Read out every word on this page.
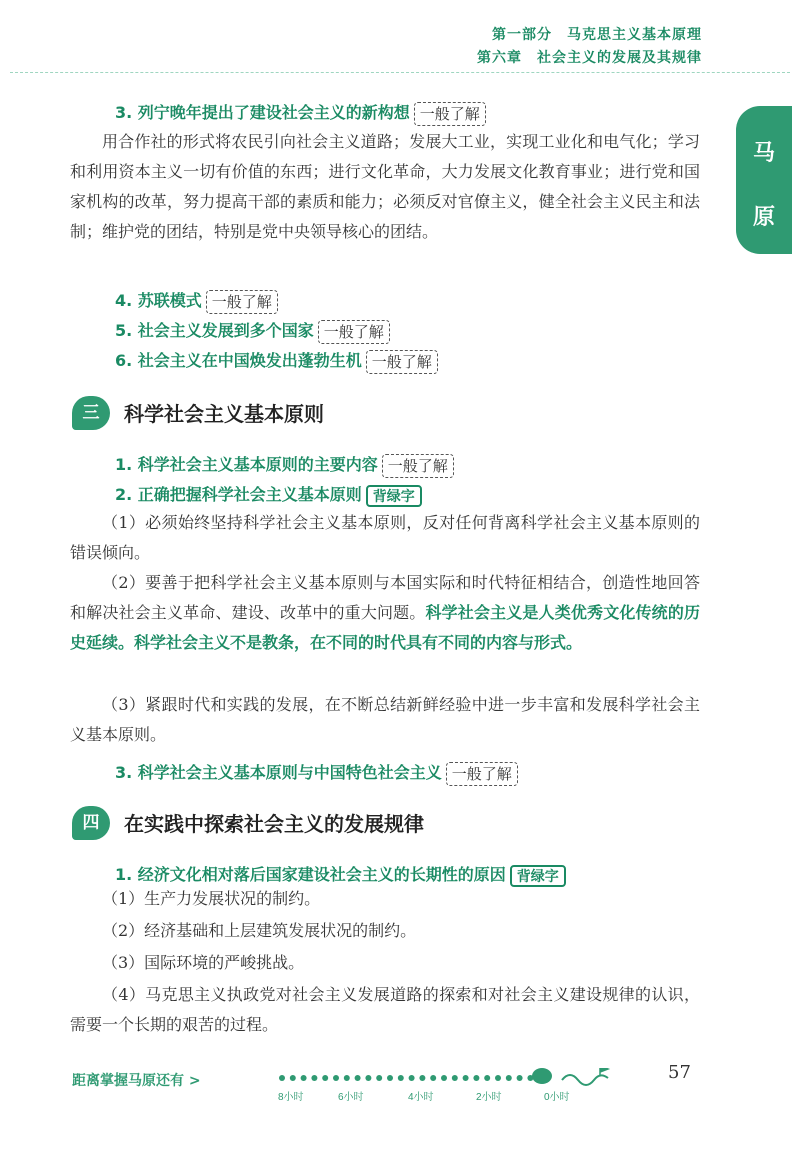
第一部分　马克思主义基本原理
第六章　社会主义的发展及其规律
马
原
3. 列宁晚年提出了建设社会主义的新构想 一般了解
用合作社的形式将农民引向社会主义道路；发展大工业，实现工业化和电气化；学习和利用资本主义一切有价值的东西；进行文化革命，大力发展文化教育事业；进行党和国家机构的改革，努力提高干部的素质和能力；必须反对官僚主义，健全社会主义民主和法制；维护党的团结，特别是党中央领导核心的团结。
4. 苏联模式 一般了解
5. 社会主义发展到多个国家 一般了解
6. 社会主义在中国焕发出蓬勃生机 一般了解
三	科学社会主义基本原则
1. 科学社会主义基本原则的主要内容 一般了解
2. 正确把握科学社会主义基本原则 背绿字
（1）必须始终坚持科学社会主义基本原则，反对任何背离科学社会主义基本原则的错误倾向。
（2）要善于把科学社会主义基本原则与本国实际和时代特征相结合，创造性地回答和解决社会主义革命、建设、改革中的重大问题。科学社会主义是人类优秀文化传统的历史延续。科学社会主义不是教条，在不同的时代具有不同的内容与形式。
（3）紧跟时代和实践的发展，在不断总结新鲜经验中进一步丰富和发展科学社会主义基本原则。
3. 科学社会主义基本原则与中国特色社会主义 一般了解
四	在实践中探索社会主义的发展规律
1. 经济文化相对落后国家建设社会主义的长期性的原因 背绿字
（1）生产力发展状况的制约。
（2）经济基础和上层建筑发展状况的制约。
（3）国际环境的严峻挑战。
（4）马克思主义执政党对社会主义发展道路的探索和对社会主义建设规律的认识，需要一个长期的艰苦的过程。
距离掌握马原还有 >
8小时	6小时	4小时	2小时	0小时
57
